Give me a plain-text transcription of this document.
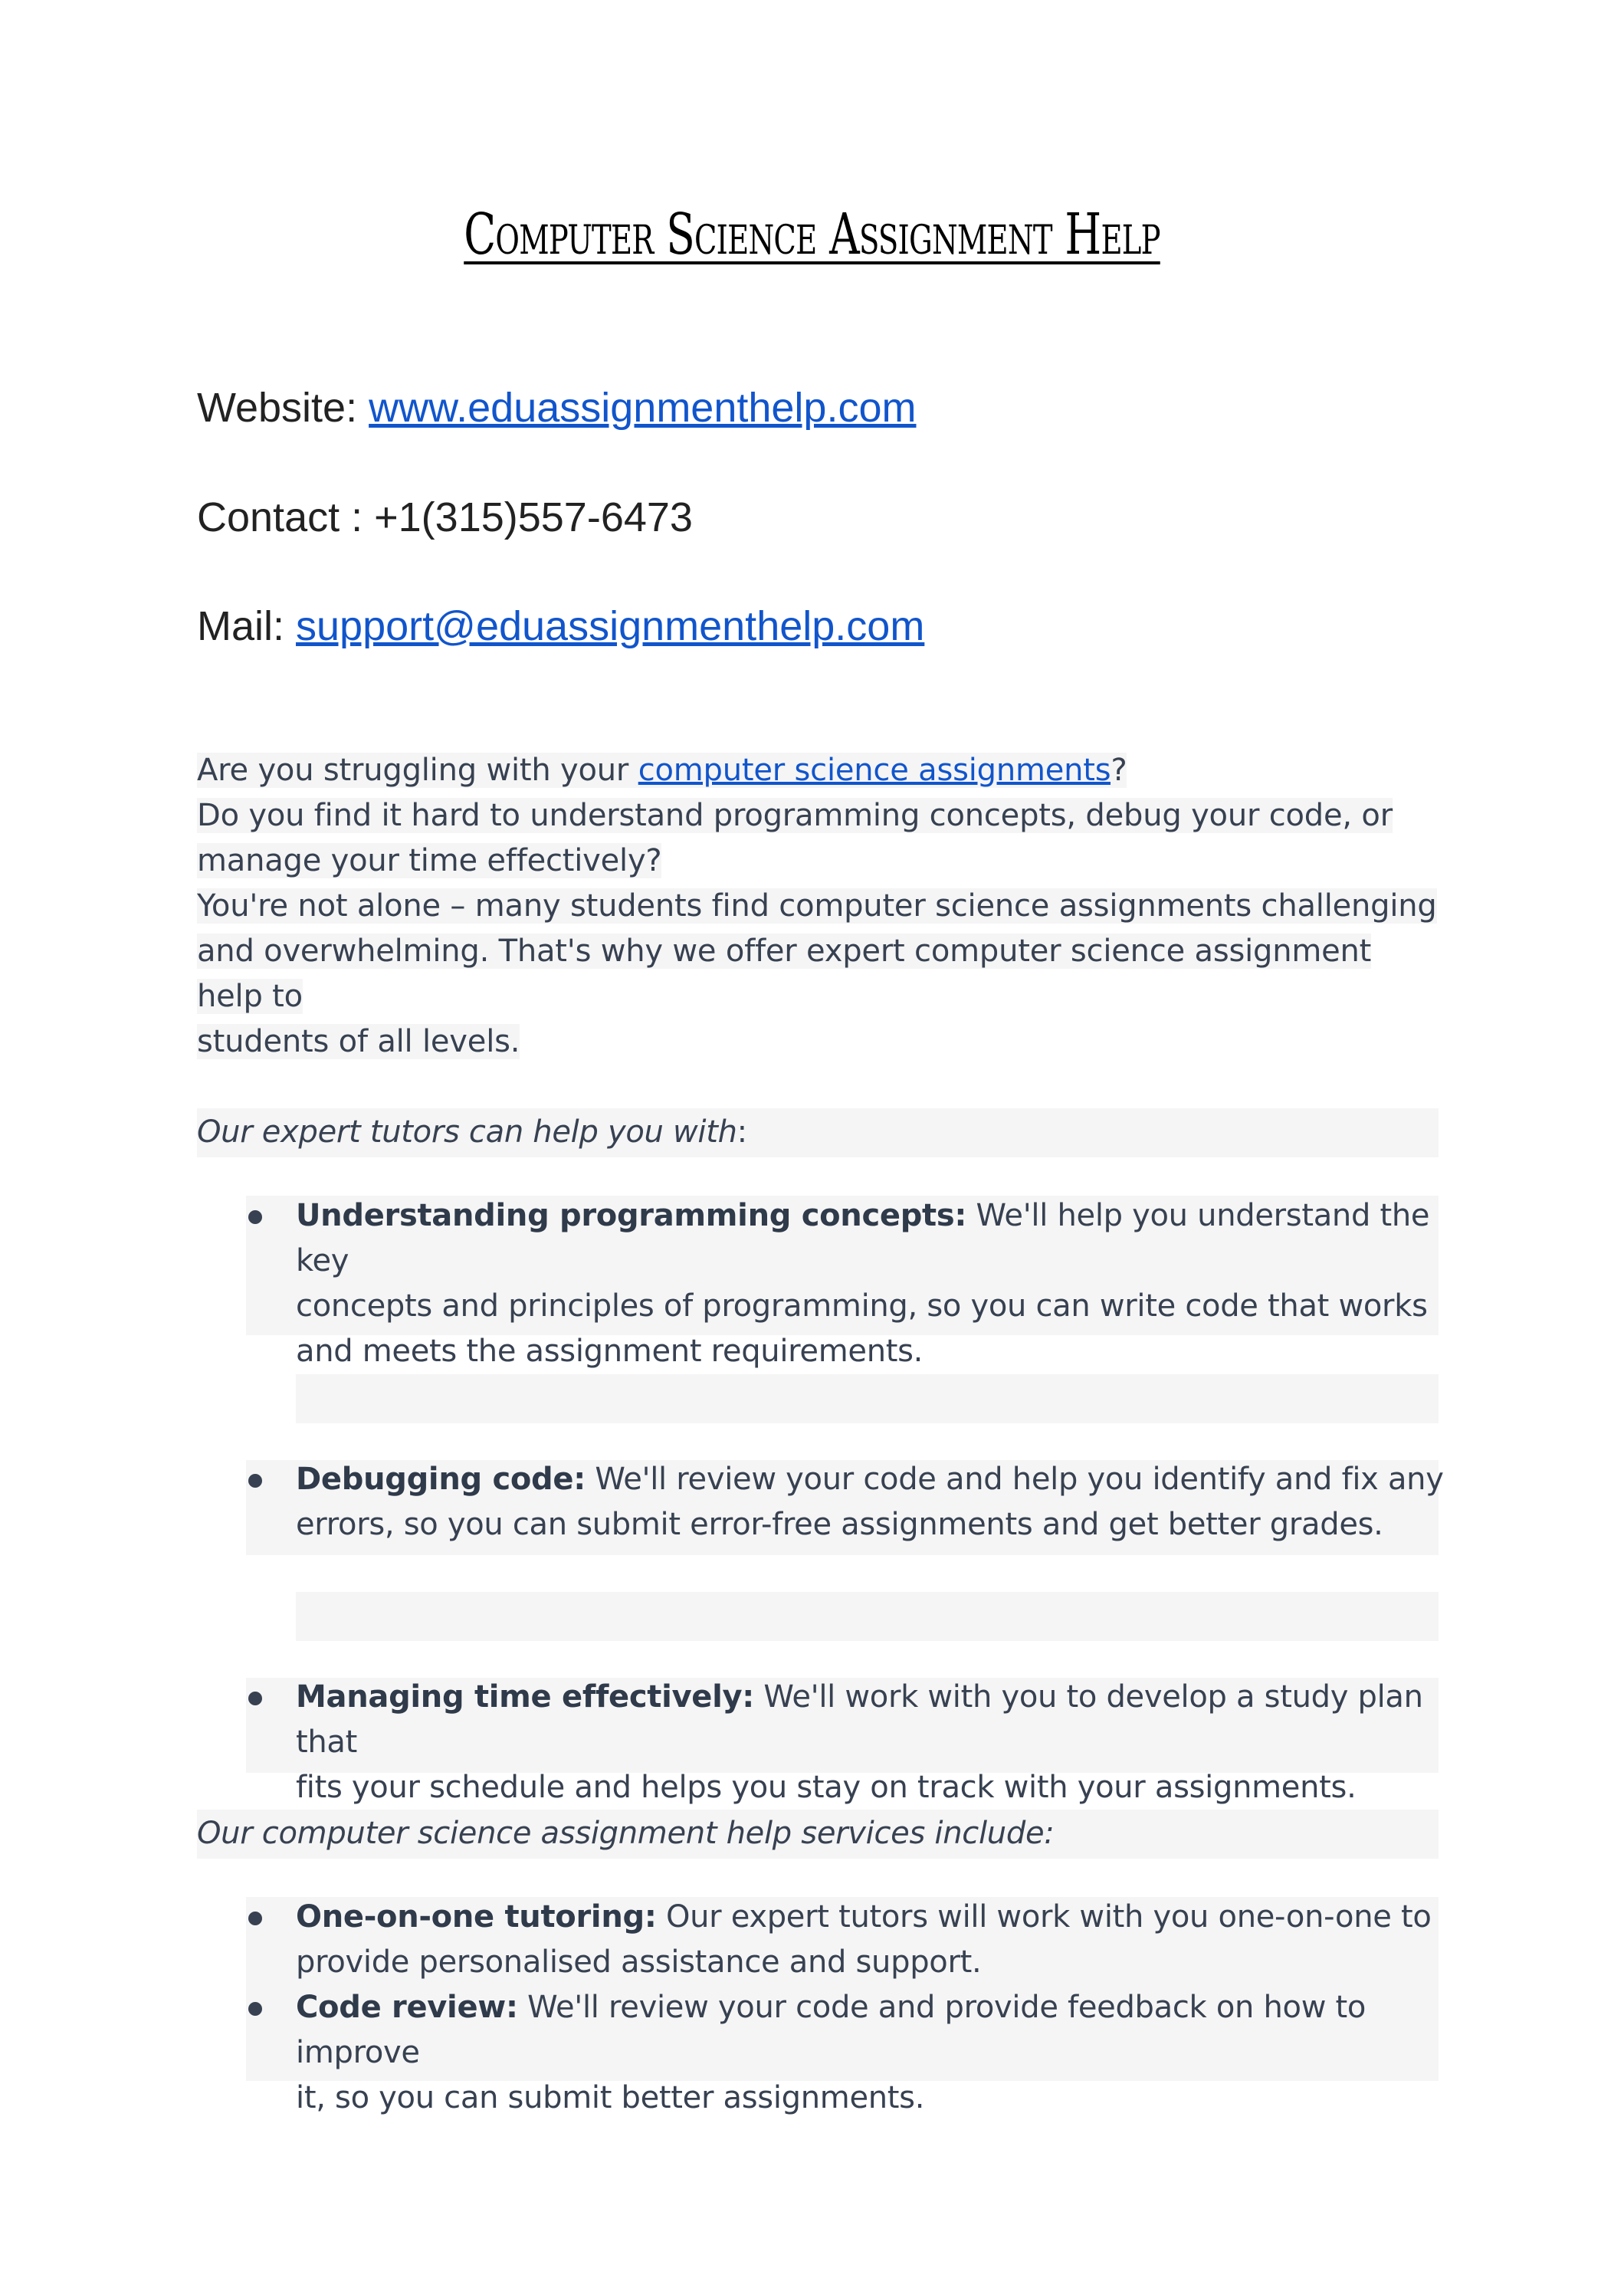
Computer Science Assignment Help
Website: www.eduassignmenthelp.com
Contact : +1(315)557-6473
Mail: support@eduassignmenthelp.com
Are you struggling with your computer science assignments?
Do you find it hard to understand programming concepts, debug your code, or
manage your time effectively?
You're not alone – many students find computer science assignments challenging
and overwhelming. That's why we offer expert computer science assignment help to
students of all levels.
Our expert tutors can help you with:
Understanding programming concepts: We'll help you understand the key
concepts and principles of programming, so you can write code that works
and meets the assignment requirements.
Debugging code: We'll review your code and help you identify and fix any
errors, so you can submit error-free assignments and get better grades.
Managing time effectively: We'll work with you to develop a study plan that
fits your schedule and helps you stay on track with your assignments.
Our computer science assignment help services include:
One-on-one tutoring: Our expert tutors will work with you one-on-one to
provide personalised assistance and support.
Code review: We'll review your code and provide feedback on how to improve
it, so you can submit better assignments.
